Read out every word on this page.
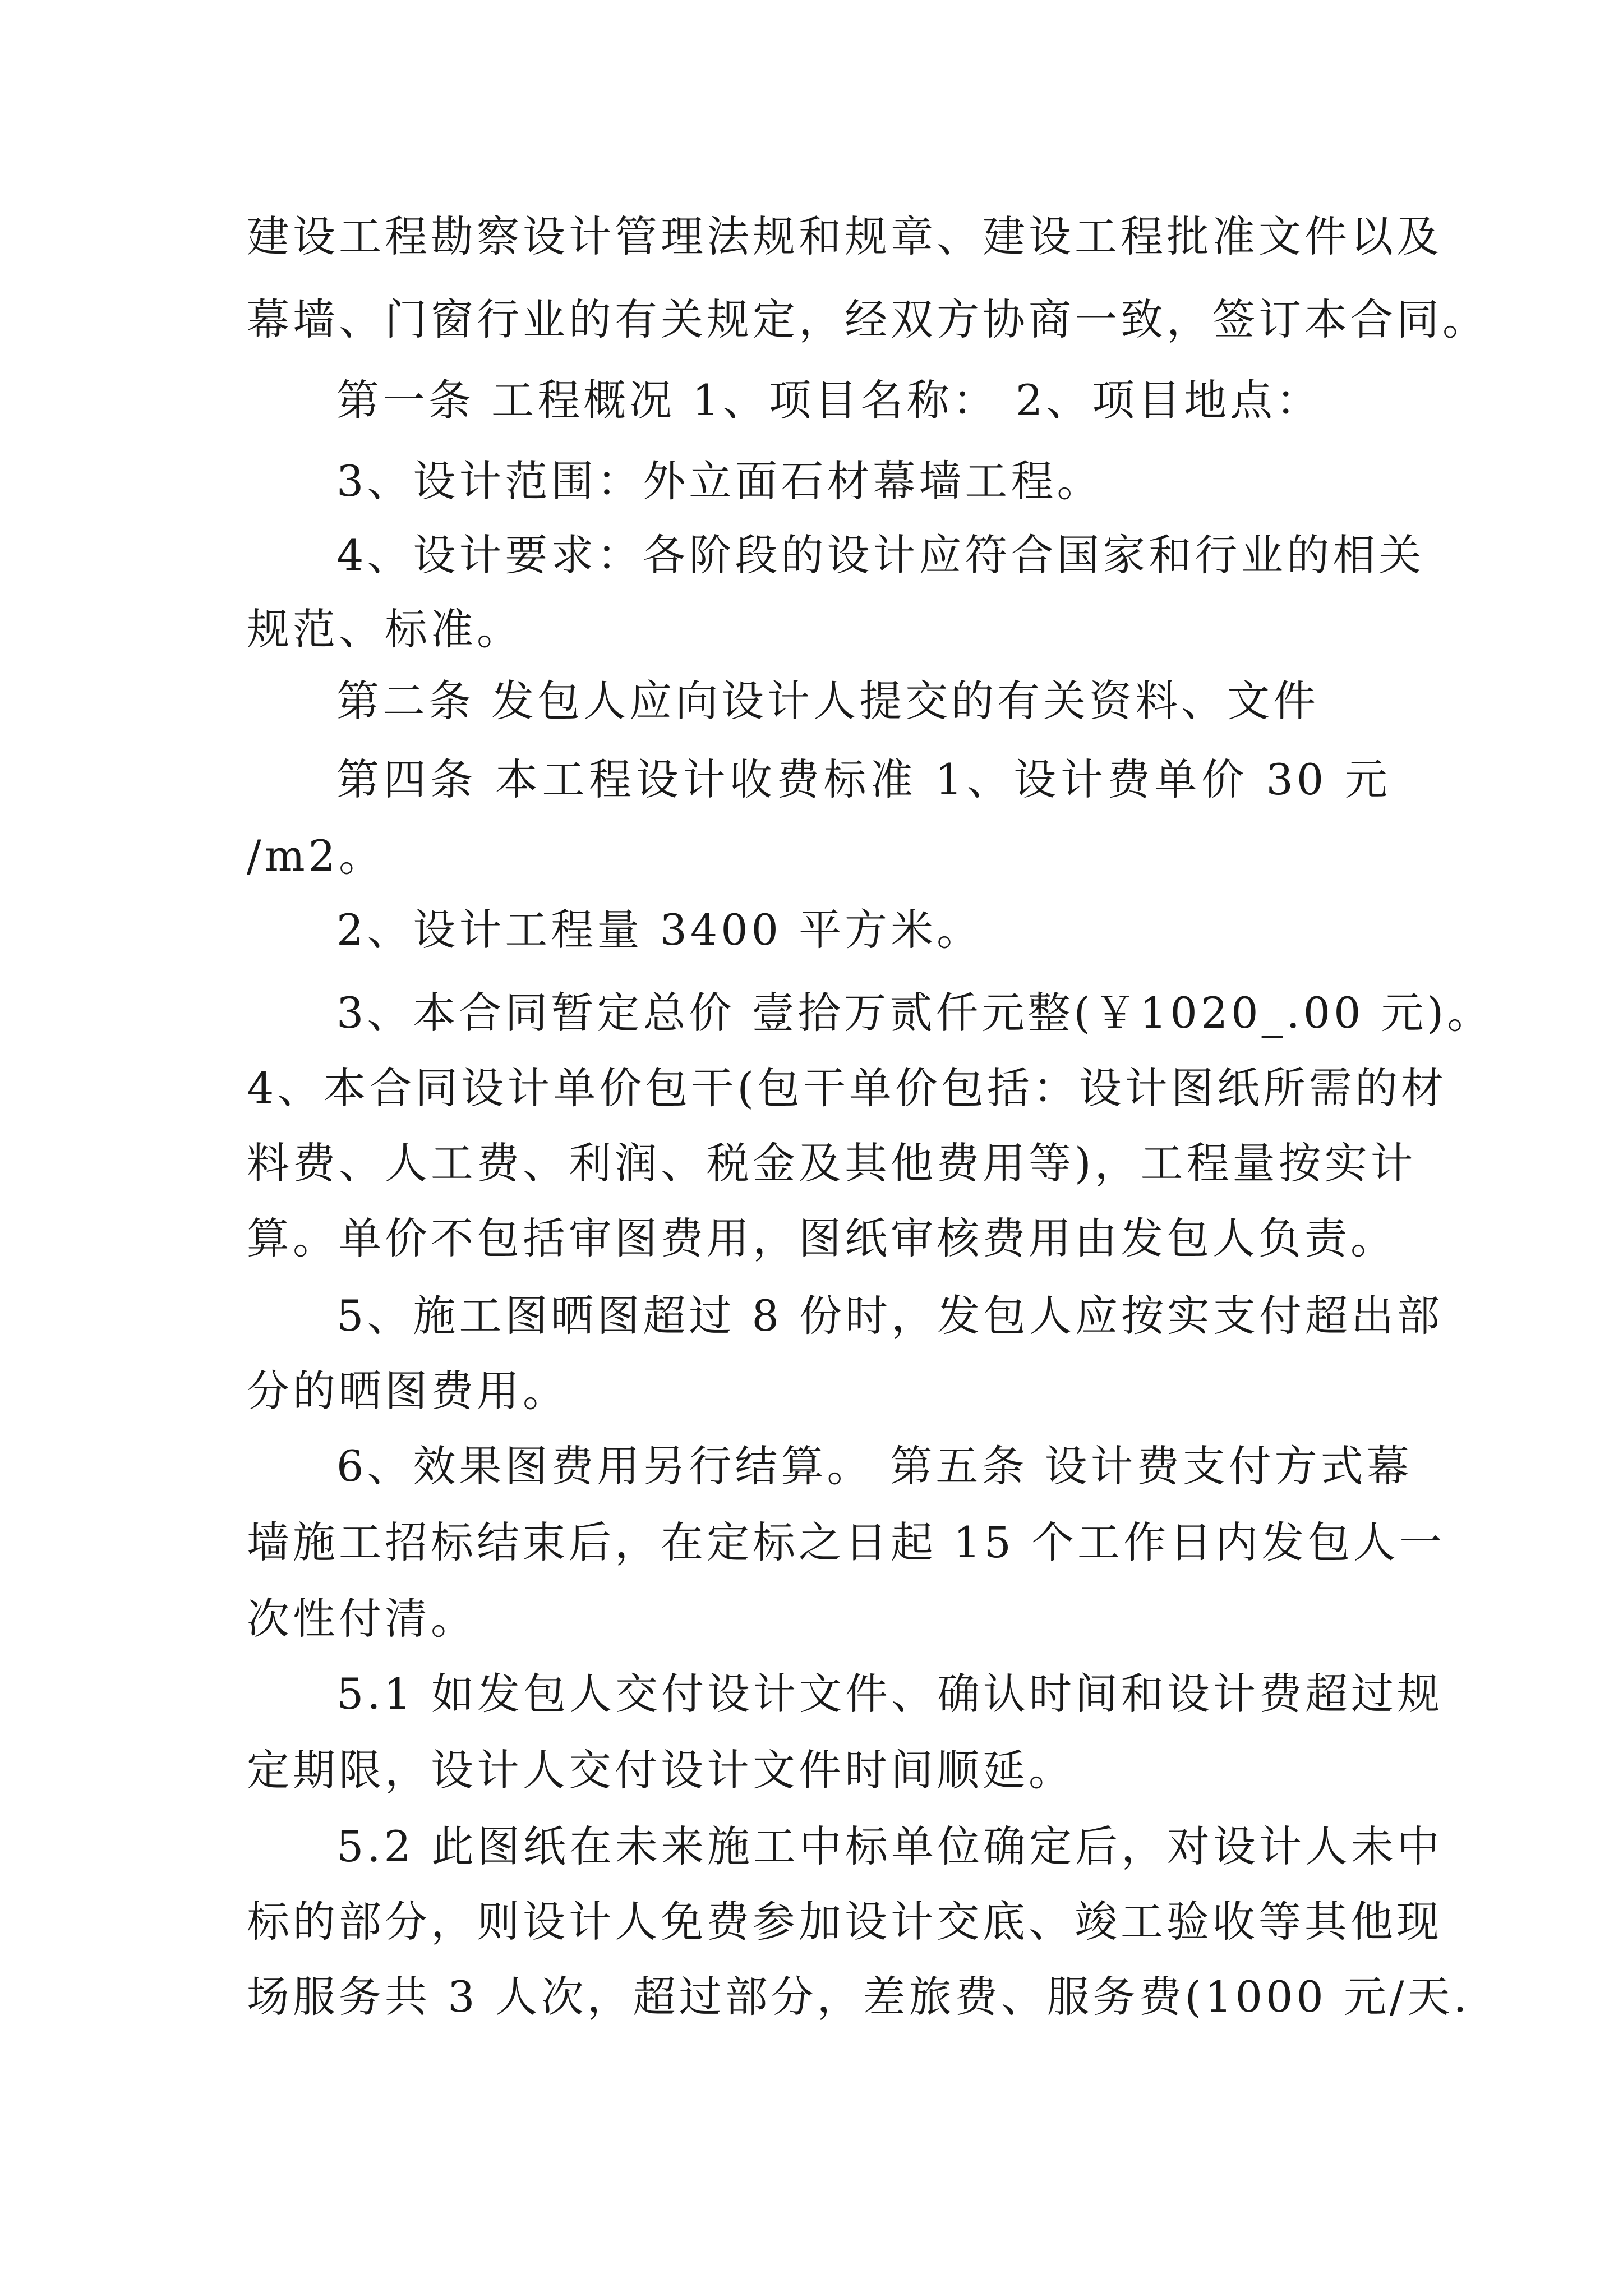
建设工程勘察设计管理法规和规章、建设工程批准文件以及
幕墙、门窗行业的有关规定，经双方协商一致，签订本合同。
第一条 工程概况 1、项目名称： 2、项目地点：
3、设计范围：外立面石材幕墙工程。
4、设计要求：各阶段的设计应符合国家和行业的相关
规范、标准。
第二条 发包人应向设计人提交的有关资料、文件
第四条 本工程设计收费标准 1、设计费单价 30 元
/m2。
2、设计工程量 3400 平方米。
3、本合同暂定总价 壹拾万贰仟元整(￥1020_.00 元)。
4、本合同设计单价包干(包干单价包括：设计图纸所需的材
料费、人工费、利润、税金及其他费用等)，工程量按实计
算。单价不包括审图费用，图纸审核费用由发包人负责。
5、施工图晒图超过 8 份时，发包人应按实支付超出部
分的晒图费用。
6、效果图费用另行结算。 第五条 设计费支付方式幕
墙施工招标结束后，在定标之日起 15 个工作日内发包人一
次性付清。
5.1 如发包人交付设计文件、确认时间和设计费超过规
定期限，设计人交付设计文件时间顺延。
5.2 此图纸在未来施工中标单位确定后，对设计人未中
标的部分，则设计人免费参加设计交底、竣工验收等其他现
场服务共 3 人次，超过部分，差旅费、服务费(1000 元/天.
